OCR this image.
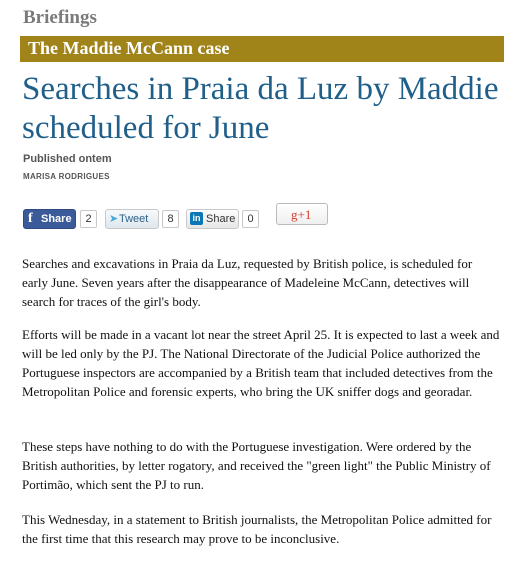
Briefings
The Maddie McCann case
Searches in Praia da Luz by Maddie scheduled for June
Published ontem
MARISA RODRIGUES
f Share	2	➤ Tweet	8	in Share	0	g+1

Searches and excavations in Praia da Luz, requested by British police, is scheduled for early June. Seven years after the disappearance of Madeleine McCann, detectives will search for traces of the girl's body.

Efforts will be made in a vacant lot near the street April 25. It is expected to last a week and will be led only by the PJ. The National Directorate of the Judicial Police authorized the Portuguese inspectors are accompanied by a British team that included detectives from the Metropolitan Police and forensic experts, who bring the UK sniffer dogs and georadar.

These steps have nothing to do with the Portuguese investigation. Were ordered by the British authorities, by letter rogatory, and received the "green light" the Public Ministry of Portimão, which sent the PJ to run.

This Wednesday, in a statement to British journalists, the Metropolitan Police admitted for the first time that this research may prove to be inconclusive.
